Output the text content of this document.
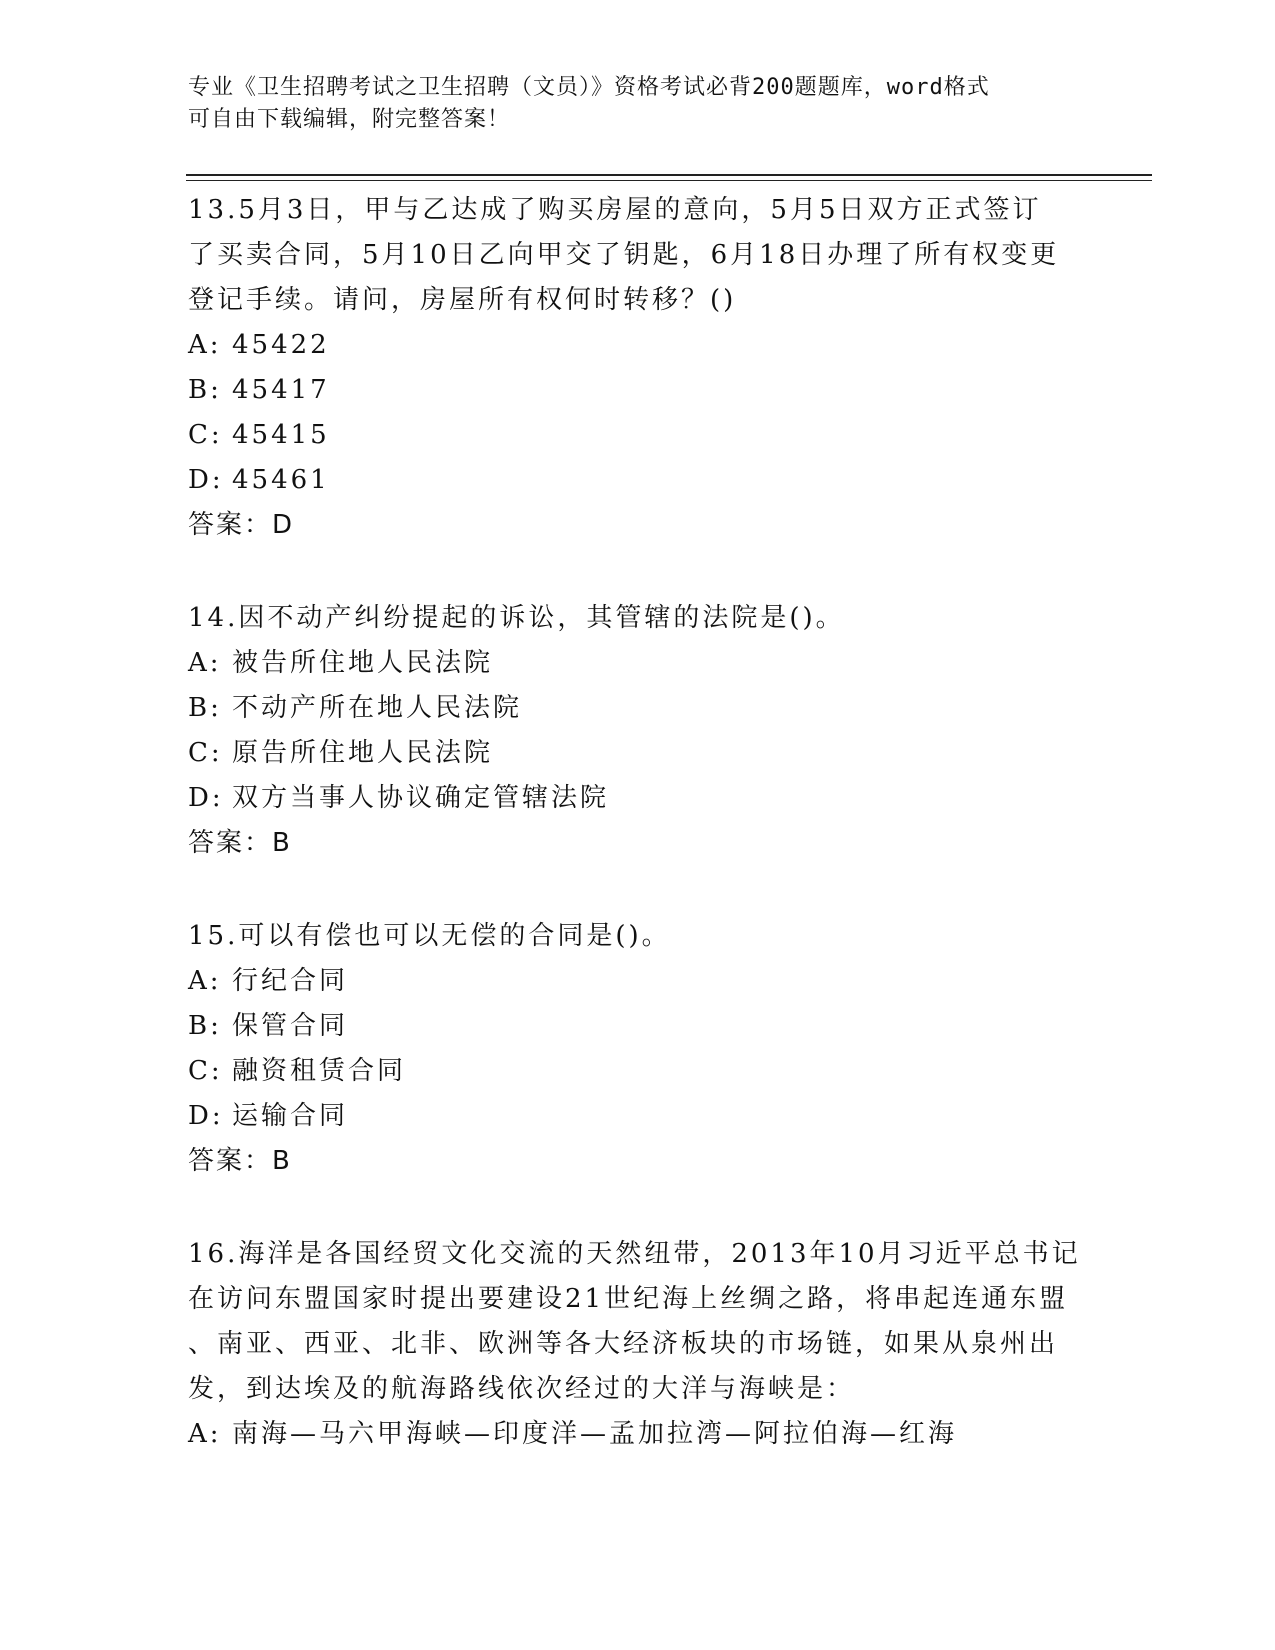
专业《卫生招聘考试之卫生招聘（文员）》资格考试必背200题题库，word格式
可自由下载编辑，附完整答案！

13.5月3日，甲与乙达成了购买房屋的意向，5月5日双方正式签订

了买卖合同，5月10日乙向甲交了钥匙，6月18日办理了所有权变更

登记手续。请问，房屋所有权何时转移？()

A: 45422

B: 45417

C: 45415

D: 45461

答案：D

14.因不动产纠纷提起的诉讼，其管辖的法院是()。

A: 被告所住地人民法院

B: 不动产所在地人民法院

C: 原告所住地人民法院

D: 双方当事人协议确定管辖法院

答案：B

15.可以有偿也可以无偿的合同是()。

A: 行纪合同

B: 保管合同

C: 融资租赁合同

D: 运输合同

答案：B

16.海洋是各国经贸文化交流的天然纽带，2013年10月习近平总书记

在访问东盟国家时提出要建设21世纪海上丝绸之路，将串起连通东盟

、南亚、西亚、北非、欧洲等各大经济板块的市场链，如果从泉州出

发，到达埃及的航海路线依次经过的大洋与海峡是：

A: 南海—马六甲海峡—印度洋—孟加拉湾—阿拉伯海—红海
